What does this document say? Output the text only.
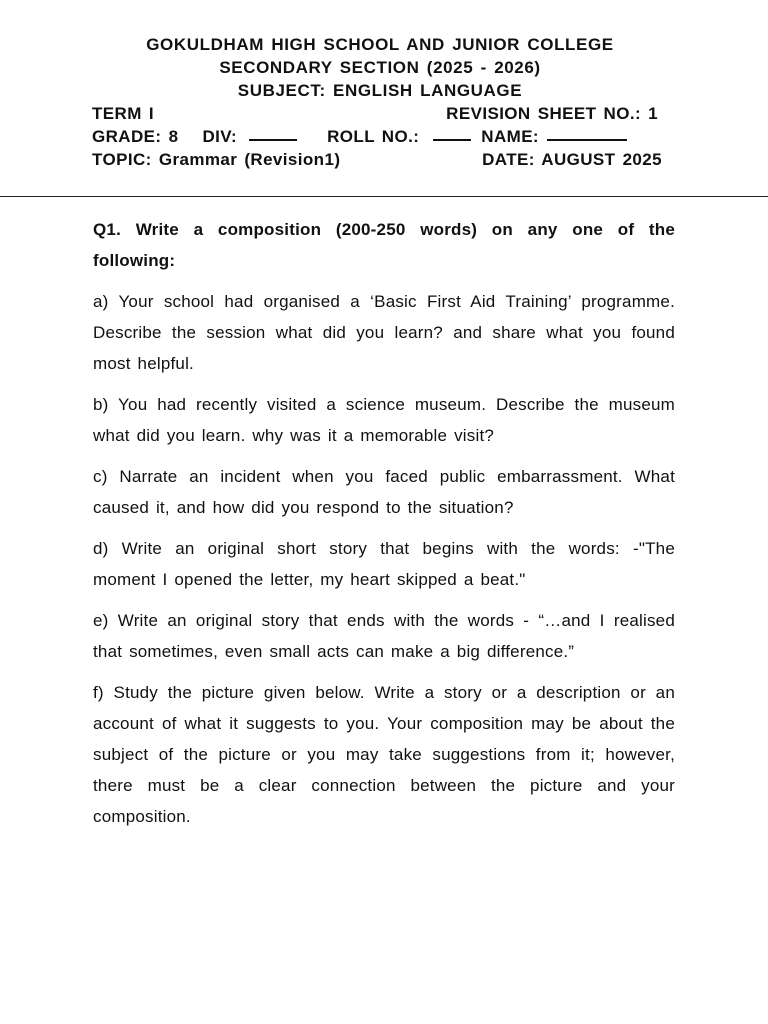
GOKULDHAM HIGH SCHOOL AND JUNIOR COLLEGE
SECONDARY SECTION (2025 - 2026)
SUBJECT: ENGLISH LANGUAGE
TERM I	REVISION SHEET NO.: 1
GRADE: 8 DIV:	ROLL NO.:	NAME:
TOPIC: Grammar (Revision1)	DATE: AUGUST 2025

Q1. Write a composition (200-250 words) on any one of the following:

a) Your school had organised a ‘Basic First Aid Training’ programme. Describe the session what did you learn? and share what you found most helpful.

b) You had recently visited a science museum. Describe the museum what did you learn. why was it a memorable visit?

c) Narrate an incident when you faced public embarrassment. What caused it, and how did you respond to the situation?

d) Write an original short story that begins with the words: -"The moment I opened the letter, my heart skipped a beat."

e) Write an original story that ends with the words - “…and I realised that sometimes, even small acts can make a big difference.”

f) Study the picture given below. Write a story or a description or an account of what it suggests to you. Your composition may be about the subject of the picture or you may take suggestions from it; however, there must be a clear connection between the picture and your composition.
